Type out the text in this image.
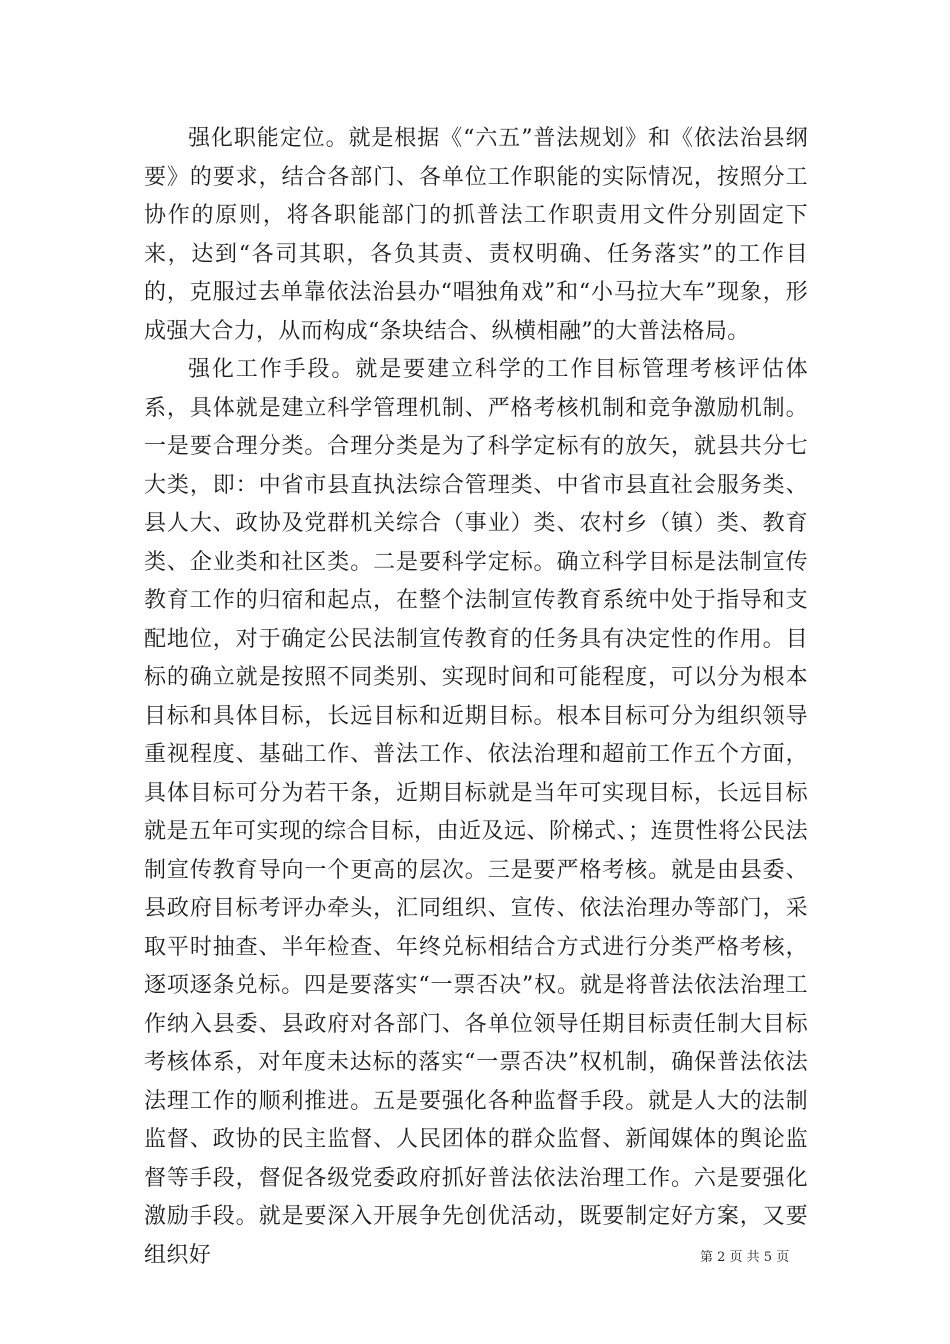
强化职能定位。就是根据《“六五”普法规划》和《依法治县纲要》的要求，结合各部门、各单位工作职能的实际情况，按照分工协作的原则，将各职能部门的抓普法工作职责用文件分别固定下来，达到“各司其职，各负其责、责权明确、任务落实”的工作目的，克服过去单靠依法治县办“唱独角戏”和“小马拉大车”现象，形成强大合力，从而构成“条块结合、纵横相融”的大普法格局。

强化工作手段。就是要建立科学的工作目标管理考核评估体系，具体就是建立科学管理机制、严格考核机制和竞争激励机制。一是要合理分类。合理分类是为了科学定标有的放矢，就县共分七大类，即：中省市县直执法综合管理类、中省市县直社会服务类、县人大、政协及党群机关综合（事业）类、农村乡（镇）类、教育类、企业类和社区类。二是要科学定标。确立科学目标是法制宣传教育工作的归宿和起点，在整个法制宣传教育系统中处于指导和支配地位，对于确定公民法制宣传教育的任务具有决定性的作用。目标的确立就是按照不同类别、实现时间和可能程度，可以分为根本目标和具体目标，长远目标和近期目标。根本目标可分为组织领导重视程度、基础工作、普法工作、依法治理和超前工作五个方面，具体目标可分为若干条，近期目标就是当年可实现目标，长远目标就是五年可实现的综合目标，由近及远、阶梯式、；连贯性将公民法制宣传教育导向一个更高的层次。三是要严格考核。就是由县委、县政府目标考评办牵头，汇同组织、宣传、依法治理办等部门，采取平时抽查、半年检查、年终兑标相结合方式进行分类严格考核，逐项逐条兑标。四是要落实“一票否决”权。就是将普法依法治理工作纳入县委、县政府对各部门、各单位领导任期目标责任制大目标考核体系，对年度未达标的落实“一票否决”权机制，确保普法依法法理工作的顺利推进。五是要强化各种监督手段。就是人大的法制监督、政协的民主监督、人民团体的群众监督、新闻媒体的舆论监督等手段，督促各级党委政府抓好普法依法治理工作。六是要强化激励手段。就是要深入开展争先创优活动，既要制定好方案，又要组织好	第 2 页 共 5 页
